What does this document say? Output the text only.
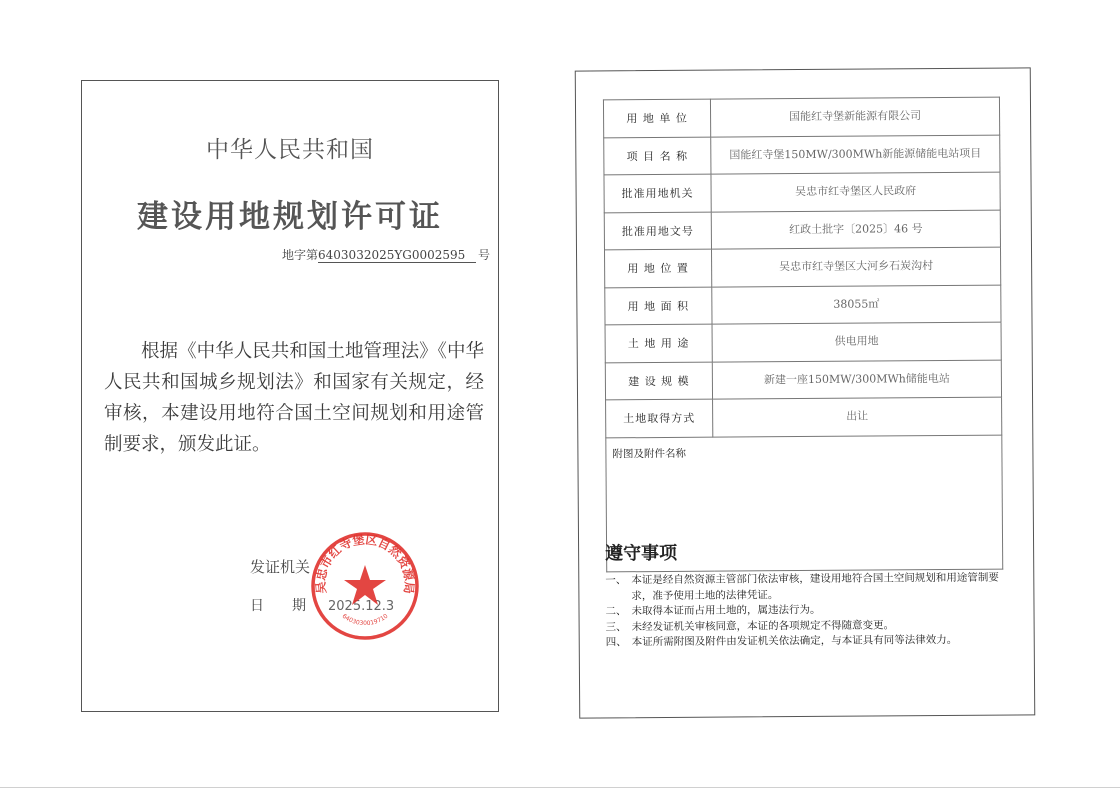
中华人民共和国
建设用地规划许可证
地字第6403032025YG0002595 号
根据《中华人民共和国土地管理法》《中华人民共和国城乡规划法》和国家有关规定，经审核，本建设用地符合国土空间规划和用途管制要求，颁发此证。
发证机关
日　　期 2025.12.3
吴忠市红寺堡区自然资源局
6403030019710
用 地 单 位	国能红寺堡新能源有限公司
项 目 名 称	国能红寺堡150MW/300MWh新能源储能电站项目
批准用地机关	吴忠市红寺堡区人民政府
批准用地文号	红政土批字〔2025〕46 号
用 地 位 置	吴忠市红寺堡区大河乡石炭沟村
用 地 面 积	38055㎡
土 地 用 途	供电用地
建 设 规 模	新建一座150MW/300MWh储能电站
土地取得方式	出让
附图及附件名称	
遵守事项
一、 本证是经自然资源主管部门依法审核，建设用地符合国土空间规划和用途管制要求，准予使用土地的法律凭证。
二、 未取得本证而占用土地的，属违法行为。
三、 未经发证机关审核同意，本证的各项规定不得随意变更。
四、 本证所需附图及附件由发证机关依法确定，与本证具有同等法律效力。
